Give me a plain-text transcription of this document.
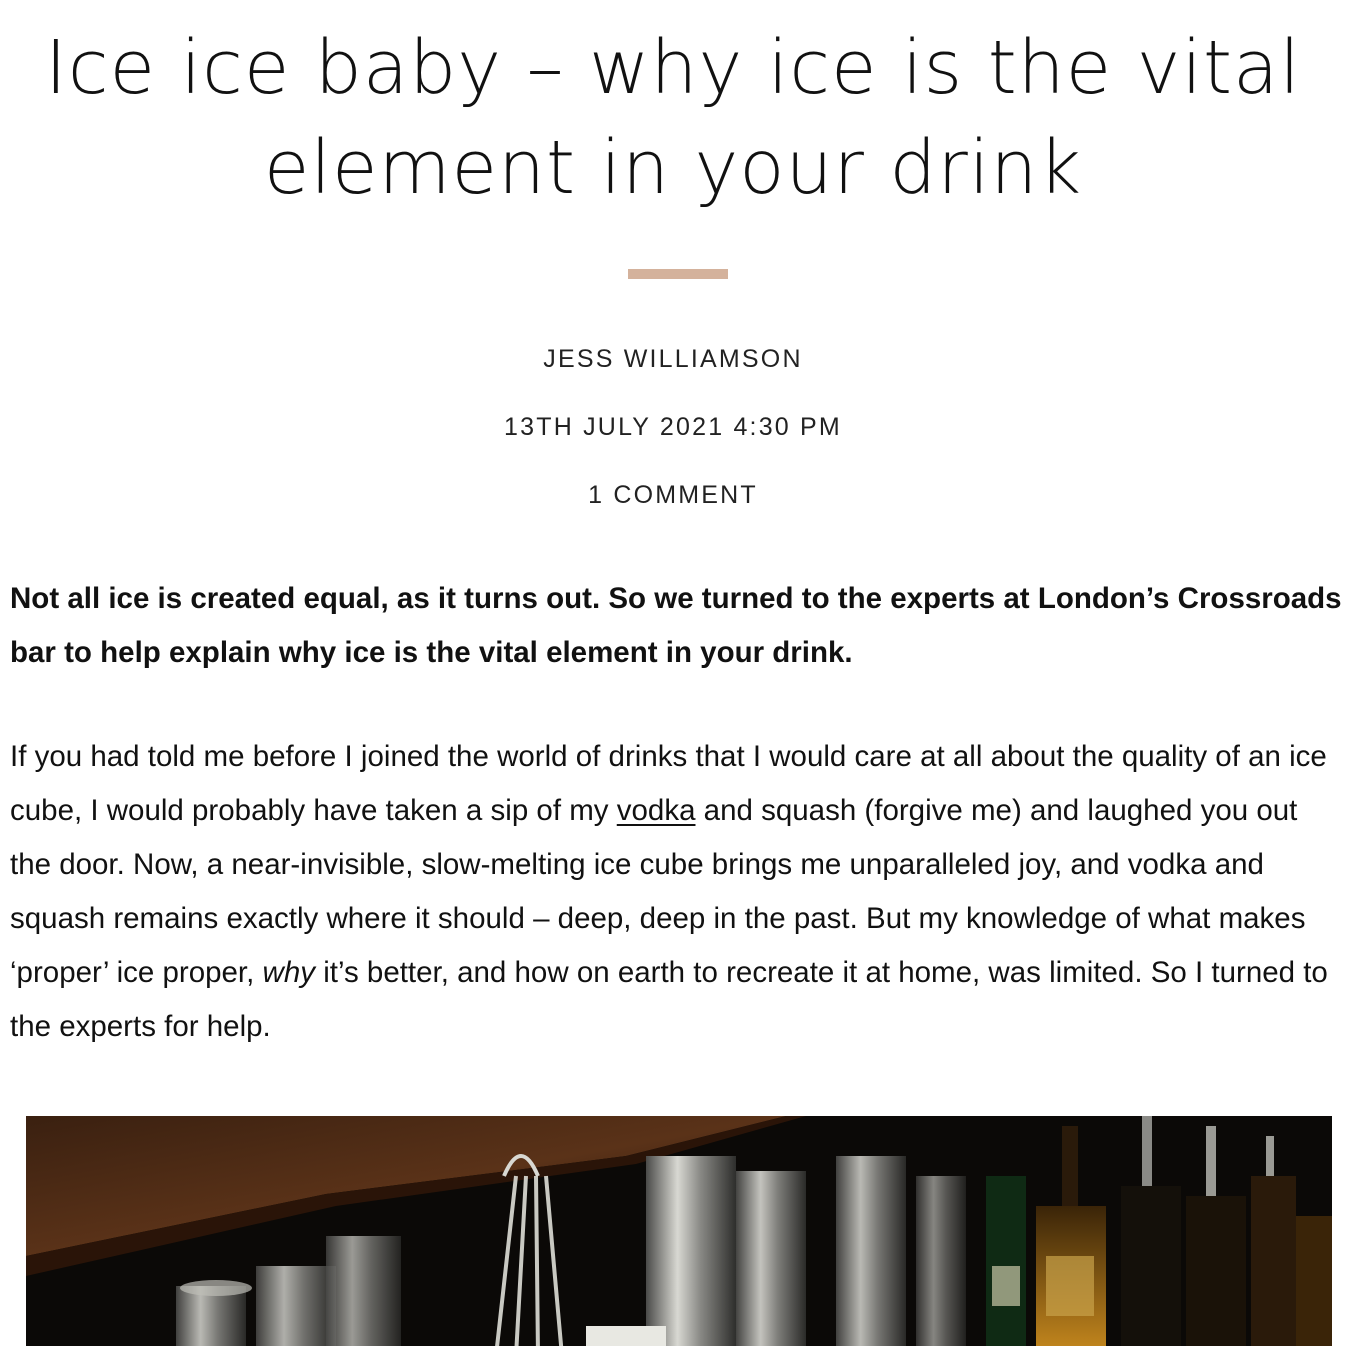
Ice ice baby – why ice is the vital element in your drink
JESS WILLIAMSON
13TH JULY 2021 4:30 PM
1 COMMENT

Not all ice is created equal, as it turns out. So we turned to the experts at London’s Crossroads bar to help explain why ice is the vital element in your drink.

If you had told me before I joined the world of drinks that I would care at all about the quality of an ice cube, I would probably have taken a sip of my vodka and squash (forgive me) and laughed you out the door. Now, a near-invisible, slow-melting ice cube brings me unparalleled joy, and vodka and squash remains exactly where it should – deep, deep in the past. But my knowledge of what makes ‘proper’ ice proper, why it’s better, and how on earth to recreate it at home, was limited. So I turned to the experts for help.
